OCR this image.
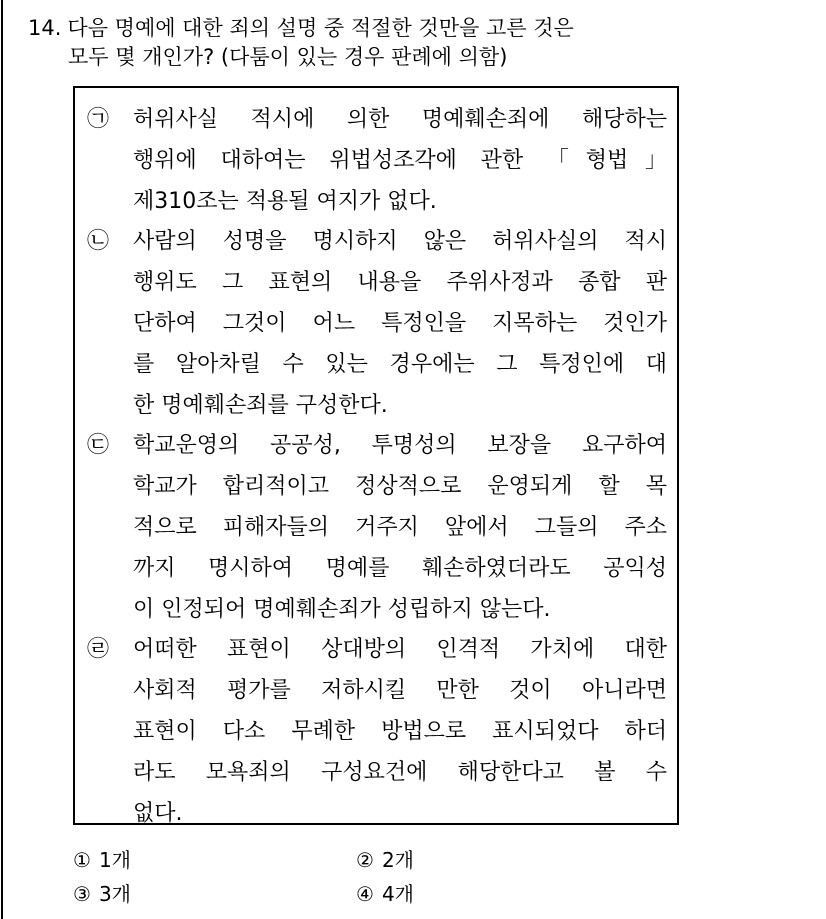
14. 다음 명예에 대한 죄의 설명 중 적절한 것만을 고른 것은
모두 몇 개인가? (다툼이 있는 경우 판례에 의함)
㉠	허위사실 적시에 의한 명예훼손죄에 해당하는
행위에 대하여는 위법성조각에 관한 「형법」
제310조는 적용될 여지가 없다.
㉡	사람의 성명을 명시하지 않은 허위사실의 적시
행위도 그 표현의 내용을 주위사정과 종합 판
단하여 그것이 어느 특정인을 지목하는 것인가
를 알아차릴 수 있는 경우에는 그 특정인에 대
한 명예훼손죄를 구성한다.
㉢	학교운영의 공공성, 투명성의 보장을 요구하여
학교가 합리적이고 정상적으로 운영되게 할 목
적으로 피해자들의 거주지 앞에서 그들의 주소
까지 명시하여 명예를 훼손하였더라도 공익성
이 인정되어 명예훼손죄가 성립하지 않는다.
㉣	어떠한 표현이 상대방의 인격적 가치에 대한
사회적 평가를 저하시킬 만한 것이 아니라면
표현이 다소 무례한 방법으로 표시되었다 하더
라도 모욕죄의 구성요건에 해당한다고 볼 수
없다.
① 1개	② 2개
③ 3개	④ 4개
